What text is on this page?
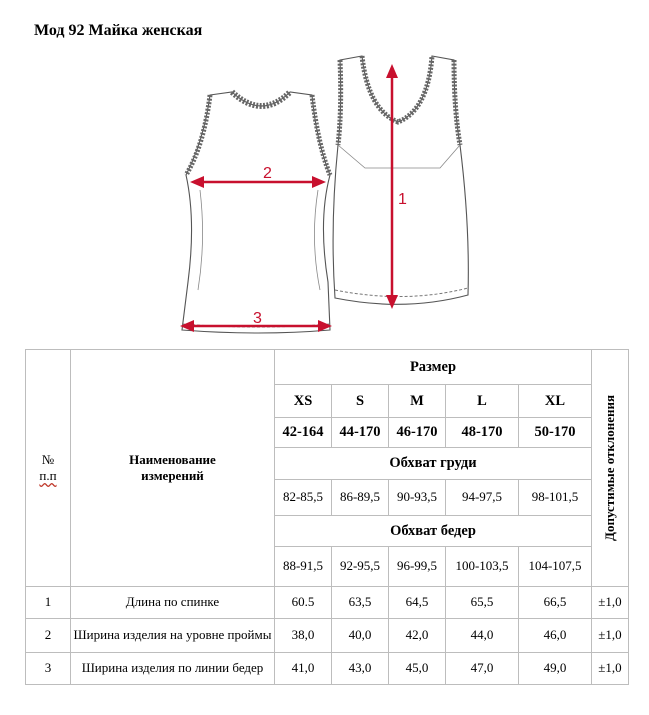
Мод 92 Майка женская
1
2
3
№
п.п	Наименование измерений	Размер					Допустимые отклонения

		XS	S	M	L	XL	
		42-164	44-170	46-170	48-170	50-170	
		Обхват груди					
		82-85,5	86-89,5	90-93,5	94-97,5	98-101,5	
		Обхват бедер					
		88-91,5	92-95,5	96-99,5	100-103,5	104-107,5	
1	Длина по спинке	60.5	63,5	64,5	65,5	66,5	±1,0
2	Ширина изделия на уровне проймы	38,0	40,0	42,0	44,0	46,0	±1,0
3	Ширина изделия по линии бедер	41,0	43,0	45,0	47,0	49,0	±1,0
